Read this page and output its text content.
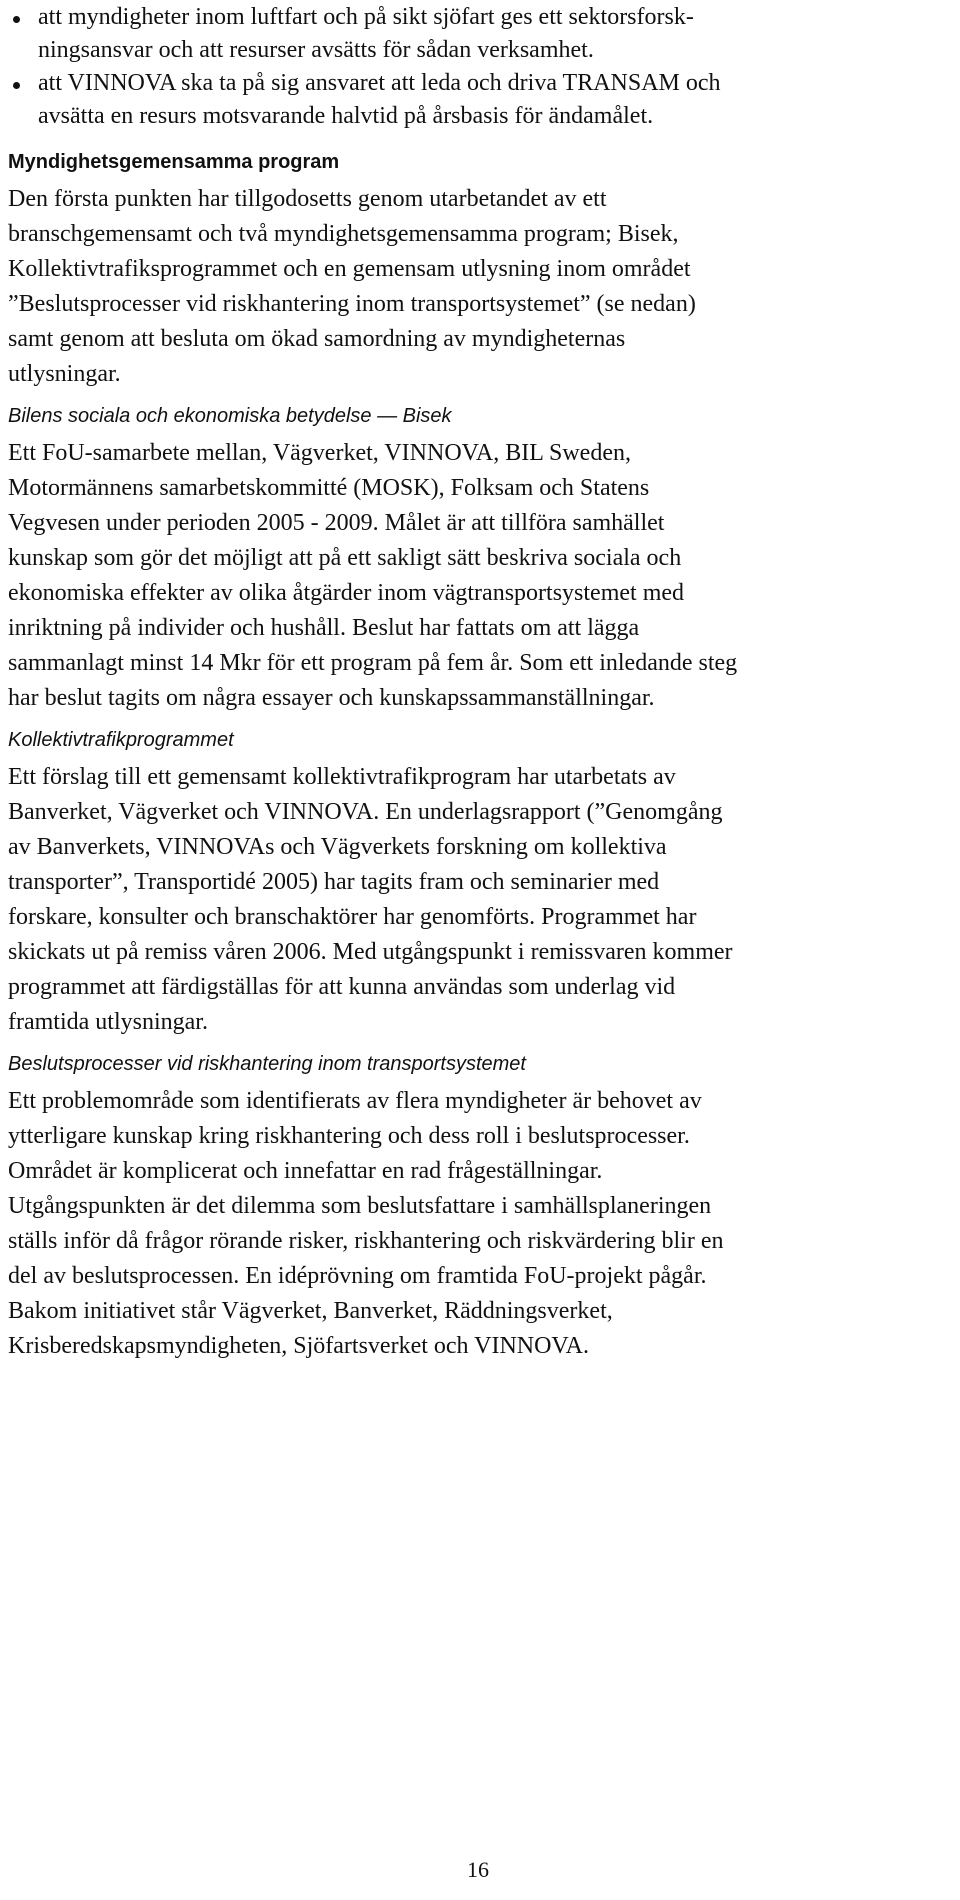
att myndigheter inom luftfart och på sikt sjöfart ges ett sektorsforsk-
ningsansvar och att resurser avsätts för sådan verksamhet.
att VINNOVA ska ta på sig ansvaret att leda och driva TRANSAM och
avsätta en resurs motsvarande halvtid på årsbasis för ändamålet.
Myndighetsgemensamma program
Den första punkten har tillgodosetts genom utarbetandet av ett
branschgemensamt och två myndighetsgemensamma program; Bisek,
Kollektivtrafiksprogrammet och en gemensam utlysning inom området
”Beslutsprocesser vid riskhantering inom transportsystemet” (se nedan)
samt genom att besluta om ökad samordning av myndigheternas
utlysningar.
Bilens sociala och ekonomiska betydelse — Bisek
Ett FoU-samarbete mellan, Vägverket, VINNOVA, BIL Sweden,
Motormännens samarbetskommitté (MOSK), Folksam och Statens
Vegvesen under perioden 2005 - 2009. Målet är att tillföra samhället
kunskap som gör det möjligt att på ett sakligt sätt beskriva sociala och
ekonomiska effekter av olika åtgärder inom vägtransportsystemet med
inriktning på individer och hushåll. Beslut har fattats om att lägga
sammanlagt minst 14 Mkr för ett program på fem år. Som ett inledande steg
har beslut tagits om några essayer och kunskapssammanställningar.
Kollektivtrafikprogrammet
Ett förslag till ett gemensamt kollektivtrafikprogram har utarbetats av
Banverket, Vägverket och VINNOVA. En underlagsrapport (”Genomgång
av Banverkets, VINNOVAs och Vägverkets forskning om kollektiva
transporter”, Transportidé 2005) har tagits fram och seminarier med
forskare, konsulter och branschaktörer har genomförts. Programmet har
skickats ut på remiss våren 2006. Med utgångspunkt i remissvaren kommer
programmet att färdigställas för att kunna användas som underlag vid
framtida utlysningar.
Beslutsprocesser vid riskhantering inom transportsystemet
Ett problemområde som identifierats av flera myndigheter är behovet av
ytterligare kunskap kring riskhantering och dess roll i beslutsprocesser.
Området är komplicerat och innefattar en rad frågeställningar.
Utgångspunkten är det dilemma som beslutsfattare i samhällsplaneringen
ställs inför då frågor rörande risker, riskhantering och riskvärdering blir en
del av beslutsprocessen. En idéprövning om framtida FoU-projekt pågår.
Bakom initiativet står Vägverket, Banverket, Räddningsverket,
Krisberedskapsmyndigheten, Sjöfartsverket och VINNOVA.
16
